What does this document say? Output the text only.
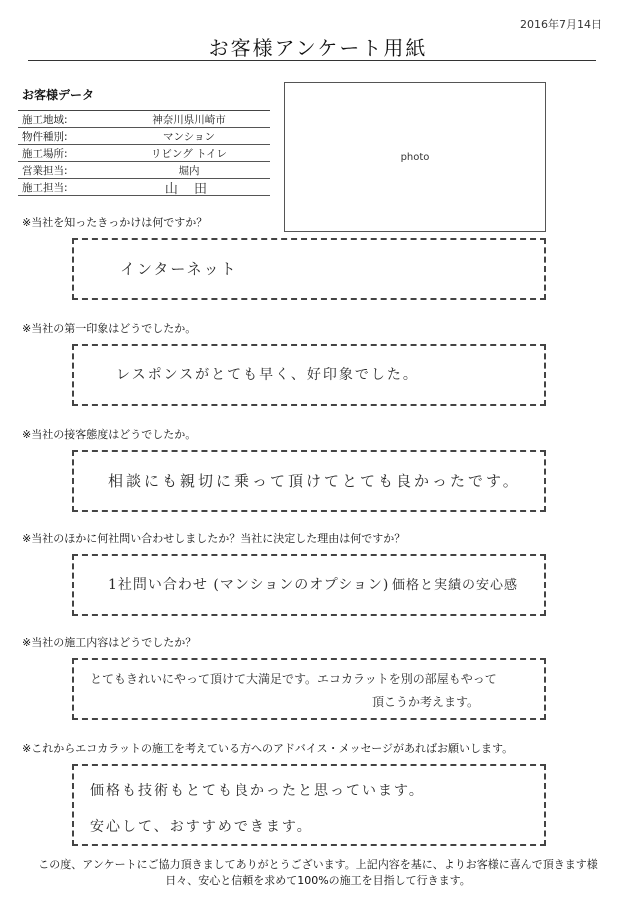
2016年7月14日
お客様アンケート用紙
お客様データ
施工地域:	神奈川県川崎市
物件種別:	マンション
施工場所:	リビング トイレ
営業担当:	堀内
施工担当:	山 田
photo
※当社を知ったきっかけは何ですか？
インターネット
※当社の第一印象はどうでしたか。
レスポンスがとても早く、好印象でした。
※当社の接客態度はどうでしたか。
相談にも親切に乗って頂けてとても良かったです。
※当社のほかに何社問い合わせしましたか？当社に決定した理由は何ですか？
1社問い合わせ (マンションのオプション) 価格と実績の安心感
※当社の施工内容はどうでしたか？
とてもきれいにやって頂けて大満足です。エコカラットを別の部屋もやって
頂こうか考えます。
※これからエコカラットの施工を考えている方へのアドバイス・メッセージがあればお願いします。
価格も技術もとても良かったと思っています。
安心して、おすすめできます。
この度、アンケートにご協力頂きましてありがとうございます。上記内容を基に、よりお客様に喜んで頂きます様
日々、安心と信頼を求めて100%の施工を目指して行きます。
